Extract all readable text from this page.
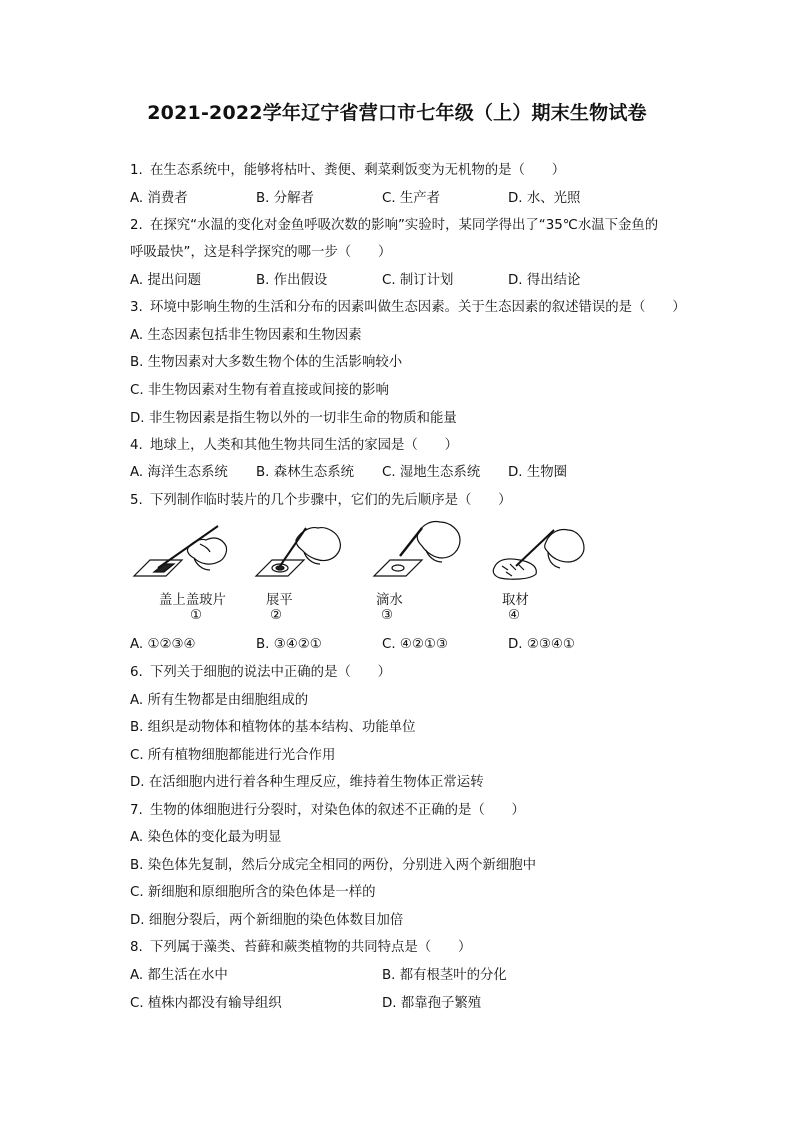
2021-2022学年辽宁省营口市七年级（上）期末生物试卷
1. 在生态系统中，能够将枯叶、粪便、剩菜剩饭变为无机物的是（　　）
A. 消费者	B. 分解者	C. 生产者	D. 水、光照
2. 在探究“水温的变化对金鱼呼吸次数的影响”实验时，某同学得出了“35℃水温下金鱼的
呼吸最快”，这是科学探究的哪一步（　　）
A. 提出问题	B. 作出假设	C. 制订计划	D. 得出结论
3. 环境中影响生物的生活和分布的因素叫做生态因素。关于生态因素的叙述错误的是（　　）
A. 生态因素包括非生物因素和生物因素
B. 生物因素对大多数生物个体的生活影响较小
C. 非生物因素对生物有着直接或间接的影响
D. 非生物因素是指生物以外的一切非生命的物质和能量
4. 地球上，人类和其他生物共同生活的家园是（　　）
A. 海洋生态系统 B. 森林生态系统 C. 湿地生态系统 D. 生物圈
5. 下列制作临时装片的几个步骤中，它们的先后顺序是（　　）
盖上盖玻片
①
展平
②
滴水
③
取材
④
A. ①②③④	B. ③④②①	C. ④②①③	D. ②③④①
6. 下列关于细胞的说法中正确的是（　　）
A. 所有生物都是由细胞组成的
B. 组织是动物体和植物体的基本结构、功能单位
C. 所有植物细胞都能进行光合作用
D. 在活细胞内进行着各种生理反应，维持着生物体正常运转
7. 生物的体细胞进行分裂时，对染色体的叙述不正确的是（　　）
A. 染色体的变化最为明显
B. 染色体先复制，然后分成完全相同的两份，分别进入两个新细胞中
C. 新细胞和原细胞所含的染色体是一样的
D. 细胞分裂后，两个新细胞的染色体数目加倍
8. 下列属于藻类、苔藓和蕨类植物的共同特点是（　　）
A. 都生活在水中	B. 都有根茎叶的分化
C. 植株内都没有输导组织	D. 都靠孢子繁殖
